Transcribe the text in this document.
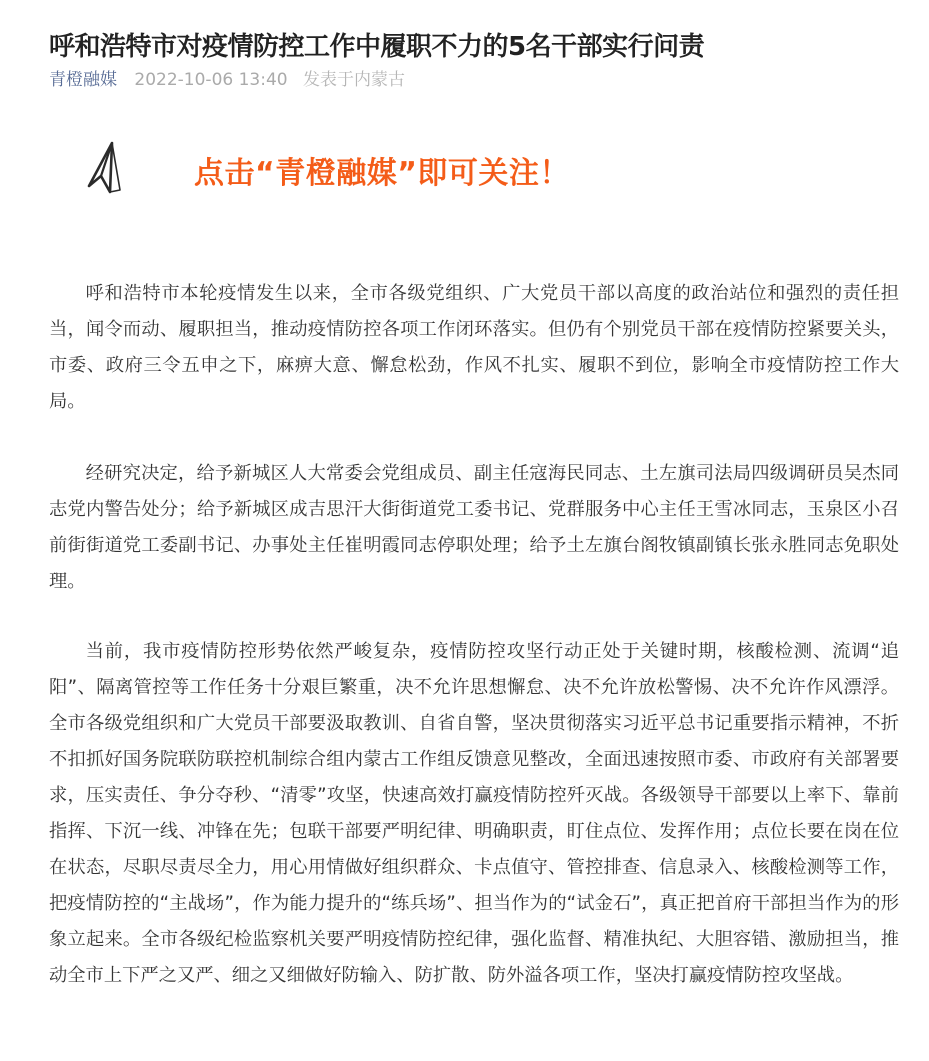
呼和浩特市对疫情防控工作中履职不力的5名干部实行问责
青橙融媒 2022-10-06 13:40 发表于内蒙古
点击“青橙融媒”即可关注！

呼和浩特市本轮疫情发生以来，全市各级党组织、广大党员干部以高度的政治站位和强烈的责任担当，闻令而动、履职担当，推动疫情防控各项工作闭环落实。但仍有个别党员干部在疫情防控紧要关头，市委、政府三令五申之下，麻痹大意、懈怠松劲，作风不扎实、履职不到位，影响全市疫情防控工作大局。

经研究决定，给予新城区人大常委会党组成员、副主任寇海民同志、土左旗司法局四级调研员吴杰同志党内警告处分；给予新城区成吉思汗大街街道党工委书记、党群服务中心主任王雪冰同志，玉泉区小召前街街道党工委副书记、办事处主任崔明霞同志停职处理；给予土左旗台阁牧镇副镇长张永胜同志免职处理。

当前，我市疫情防控形势依然严峻复杂，疫情防控攻坚行动正处于关键时期，核酸检测、流调“追阳”、隔离管控等工作任务十分艰巨繁重，决不允许思想懈怠、决不允许放松警惕、决不允许作风漂浮。全市各级党组织和广大党员干部要汲取教训、自省自警，坚决贯彻落实习近平总书记重要指示精神，不折不扣抓好国务院联防联控机制综合组内蒙古工作组反馈意见整改，全面迅速按照市委、市政府有关部署要求，压实责任、争分夺秒、“清零”攻坚，快速高效打赢疫情防控歼灭战。各级领导干部要以上率下、靠前指挥、下沉一线、冲锋在先；包联干部要严明纪律、明确职责，盯住点位、发挥作用；点位长要在岗在位在状态，尽职尽责尽全力，用心用情做好组织群众、卡点值守、管控排查、信息录入、核酸检测等工作，把疫情防控的“主战场”，作为能力提升的“练兵场”、担当作为的“试金石”，真正把首府干部担当作为的形象立起来。全市各级纪检监察机关要严明疫情防控纪律，强化监督、精准执纪、大胆容错、激励担当，推动全市上下严之又严、细之又细做好防输入、防扩散、防外溢各项工作，坚决打赢疫情防控攻坚战。
